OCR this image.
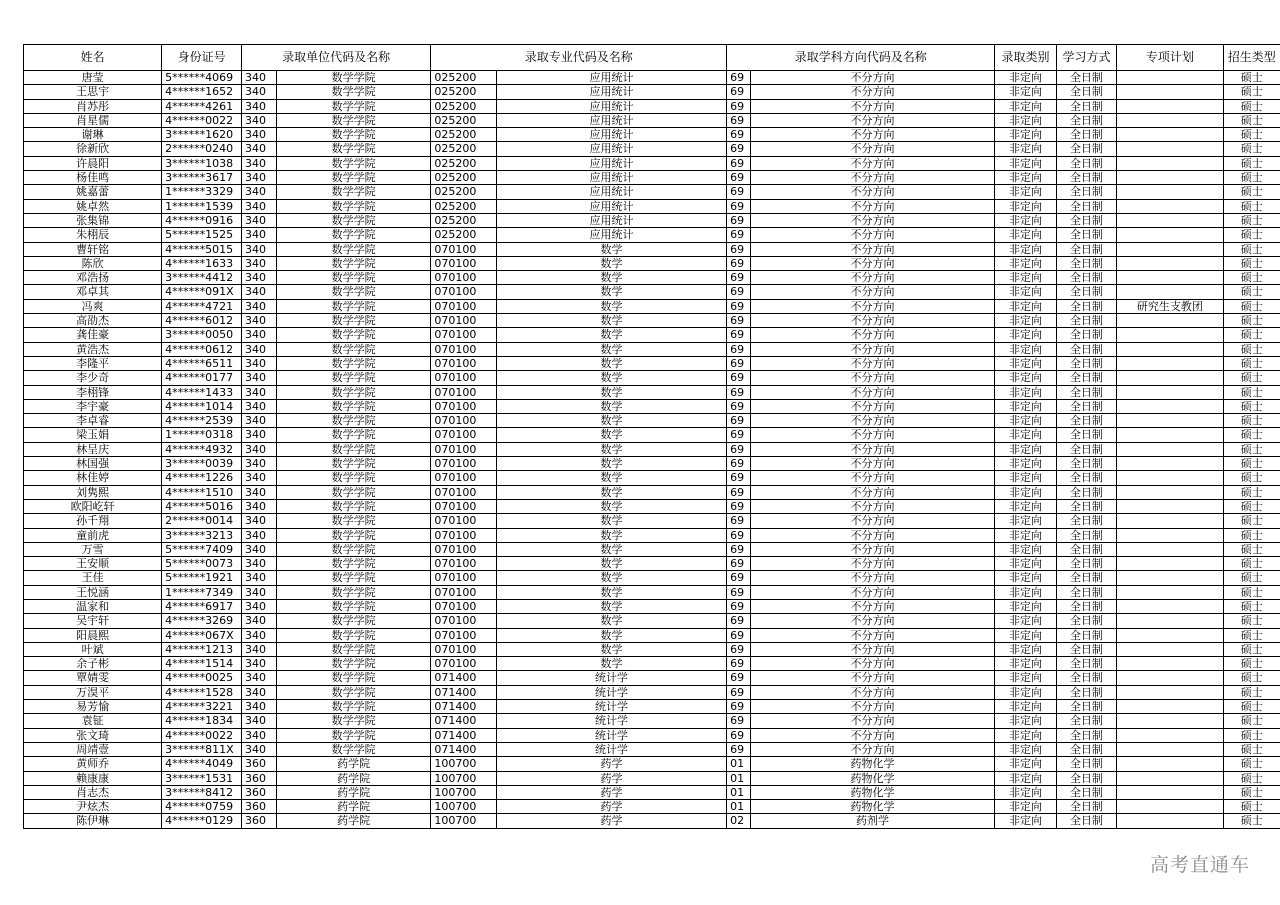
姓名	身份证号	录取单位代码及名称		录取专业代码及名称		录取学科方向代码及名称		录取类别	学习方式	专项计划	招生类型
唐莹	5******4069	340	数学学院	025200	应用统计	69	不分方向	非定向	全日制		硕士
王思宇	4******1652	340	数学学院	025200	应用统计	69	不分方向	非定向	全日制		硕士
肖苏彤	4******4261	340	数学学院	025200	应用统计	69	不分方向	非定向	全日制		硕士
肖星儒	4******0022	340	数学学院	025200	应用统计	69	不分方向	非定向	全日制		硕士
谢琳	3******1620	340	数学学院	025200	应用统计	69	不分方向	非定向	全日制		硕士
徐新欣	2******0240	340	数学学院	025200	应用统计	69	不分方向	非定向	全日制		硕士
许晨阳	3******1038	340	数学学院	025200	应用统计	69	不分方向	非定向	全日制		硕士
杨佳鸣	3******3617	340	数学学院	025200	应用统计	69	不分方向	非定向	全日制		硕士
姚嘉蕾	1******3329	340	数学学院	025200	应用统计	69	不分方向	非定向	全日制		硕士
姚卓然	1******1539	340	数学学院	025200	应用统计	69	不分方向	非定向	全日制		硕士
张集锦	4******0916	340	数学学院	025200	应用统计	69	不分方向	非定向	全日制		硕士
朱栩辰	5******1525	340	数学学院	025200	应用统计	69	不分方向	非定向	全日制		硕士
曹轩铭	4******5015	340	数学学院	070100	数学	69	不分方向	非定向	全日制		硕士
陈欣	4******1633	340	数学学院	070100	数学	69	不分方向	非定向	全日制		硕士
邓浩扬	3******4412	340	数学学院	070100	数学	69	不分方向	非定向	全日制		硕士
邓卓其	4******091X	340	数学学院	070100	数学	69	不分方向	非定向	全日制		硕士
冯爽	4******4721	340	数学学院	070100	数学	69	不分方向	非定向	全日制	研究生支教团	硕士
高劭杰	4******6012	340	数学学院	070100	数学	69	不分方向	非定向	全日制		硕士
龚佳豪	3******0050	340	数学学院	070100	数学	69	不分方向	非定向	全日制		硕士
黄浩杰	4******0612	340	数学学院	070100	数学	69	不分方向	非定向	全日制		硕士
李隆平	4******6511	340	数学学院	070100	数学	69	不分方向	非定向	全日制		硕士
李少奇	4******0177	340	数学学院	070100	数学	69	不分方向	非定向	全日制		硕士
李栩锋	4******1433	340	数学学院	070100	数学	69	不分方向	非定向	全日制		硕士
李宇豪	4******1014	340	数学学院	070100	数学	69	不分方向	非定向	全日制		硕士
李卓睿	4******2539	340	数学学院	070100	数学	69	不分方向	非定向	全日制		硕士
梁玉娟	1******0318	340	数学学院	070100	数学	69	不分方向	非定向	全日制		硕士
林呈庆	4******4932	340	数学学院	070100	数学	69	不分方向	非定向	全日制		硕士
林国强	3******0039	340	数学学院	070100	数学	69	不分方向	非定向	全日制		硕士
林佳婷	4******1226	340	数学学院	070100	数学	69	不分方向	非定向	全日制		硕士
刘隽熙	4******1510	340	数学学院	070100	数学	69	不分方向	非定向	全日制		硕士
欧阳屹轩	4******5016	340	数学学院	070100	数学	69	不分方向	非定向	全日制		硕士
孙千翔	2******0014	340	数学学院	070100	数学	69	不分方向	非定向	全日制		硕士
童前虎	3******3213	340	数学学院	070100	数学	69	不分方向	非定向	全日制		硕士
万雪	5******7409	340	数学学院	070100	数学	69	不分方向	非定向	全日制		硕士
王安顺	5******0073	340	数学学院	070100	数学	69	不分方向	非定向	全日制		硕士
王佳	5******1921	340	数学学院	070100	数学	69	不分方向	非定向	全日制		硕士
王悦涵	1******7349	340	数学学院	070100	数学	69	不分方向	非定向	全日制		硕士
温家和	4******6917	340	数学学院	070100	数学	69	不分方向	非定向	全日制		硕士
吴宇轩	4******3269	340	数学学院	070100	数学	69	不分方向	非定向	全日制		硕士
阳晨熙	4******067X	340	数学学院	070100	数学	69	不分方向	非定向	全日制		硕士
叶斌	4******1213	340	数学学院	070100	数学	69	不分方向	非定向	全日制		硕士
余子彬	4******1514	340	数学学院	070100	数学	69	不分方向	非定向	全日制		硕士
覃婧雯	4******0025	340	数学学院	071400	统计学	69	不分方向	非定向	全日制		硕士
万淏平	4******1528	340	数学学院	071400	统计学	69	不分方向	非定向	全日制		硕士
易芳愉	4******3221	340	数学学院	071400	统计学	69	不分方向	非定向	全日制		硕士
袁钲	4******1834	340	数学学院	071400	统计学	69	不分方向	非定向	全日制		硕士
张文琦	4******0022	340	数学学院	071400	统计学	69	不分方向	非定向	全日制		硕士
周靖壹	3******811X	340	数学学院	071400	统计学	69	不分方向	非定向	全日制		硕士
黄师乔	4******4049	360	药学院	100700	药学	01	药物化学	非定向	全日制		硕士
赖康康	3******1531	360	药学院	100700	药学	01	药物化学	非定向	全日制		硕士
肖志杰	3******8412	360	药学院	100700	药学	01	药物化学	非定向	全日制		硕士
尹炫杰	4******0759	360	药学院	100700	药学	01	药物化学	非定向	全日制		硕士
陈伊琳	4******0129	360	药学院	100700	药学	02	药剂学	非定向	全日制		硕士
高考直通车
